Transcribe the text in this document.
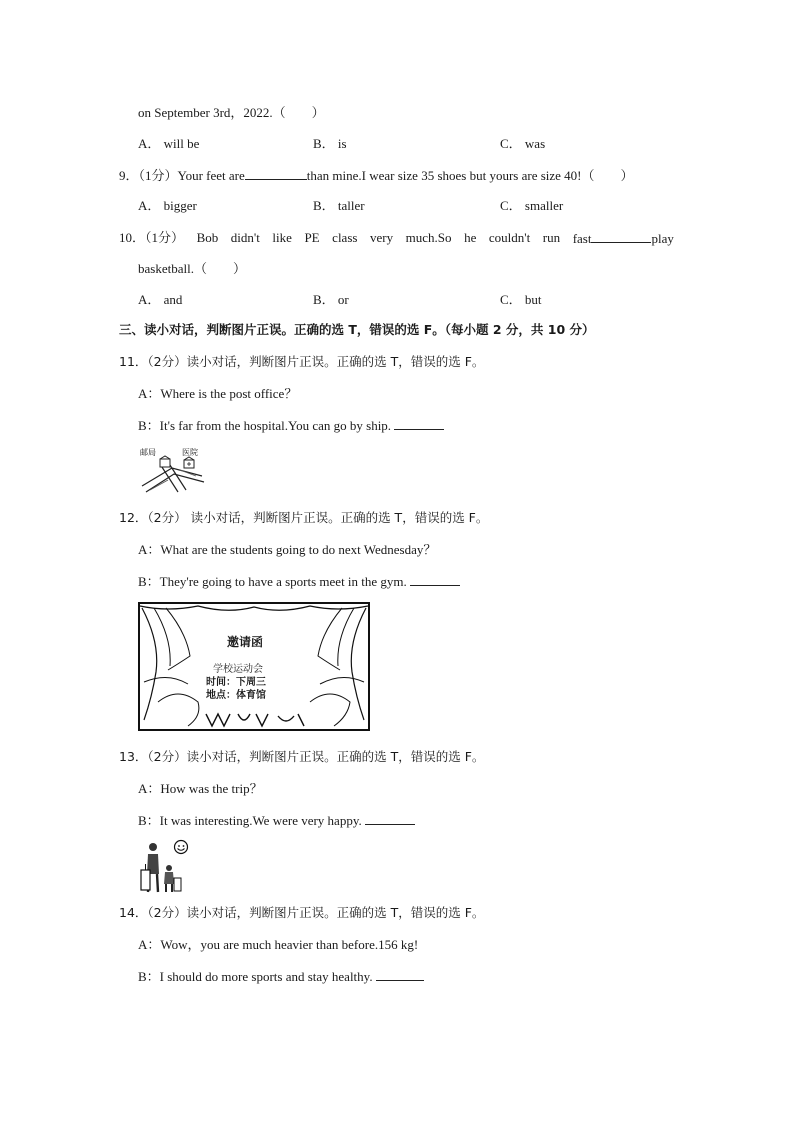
on September 3rd，2022.（　　）
A． will be	B． is	C． was
9．（1分）Your feet are	than mine.I wear size 35 shoes but yours are size 40!（　　）
A． bigger	B． taller	C． smaller
10．（1分） Bob didn't like PE class very much.So he couldn't run fast	play
basketball.（　　）
A． and	B． or	C． but
三、读小对话，判断图片正误。正确的选 T，错误的选 F。（每小题 2 分，共 10 分）
11．（2分）读小对话，判断图片正误。正确的选 T，错误的选 F。
A：Where is the post office？
B：It's far from the hospital.You can go by ship.
邮局	医院
12．（2分） 读小对话，判断图片正误。正确的选 T，错误的选 F。
A：What are the students going to do next Wednesday？
B：They're going to have a sports meet in the gym.
邀请函
学校运动会
时间：下周三
地点：体育馆
13．（2分）读小对话，判断图片正误。正确的选 T，错误的选 F。
A：How was the trip？
B：It was interesting.We were very happy.
14．（2分）读小对话，判断图片正误。正确的选 T，错误的选 F。
A：Wow，you are much heavier than before.156 kg!
B：I should do more sports and stay healthy.
